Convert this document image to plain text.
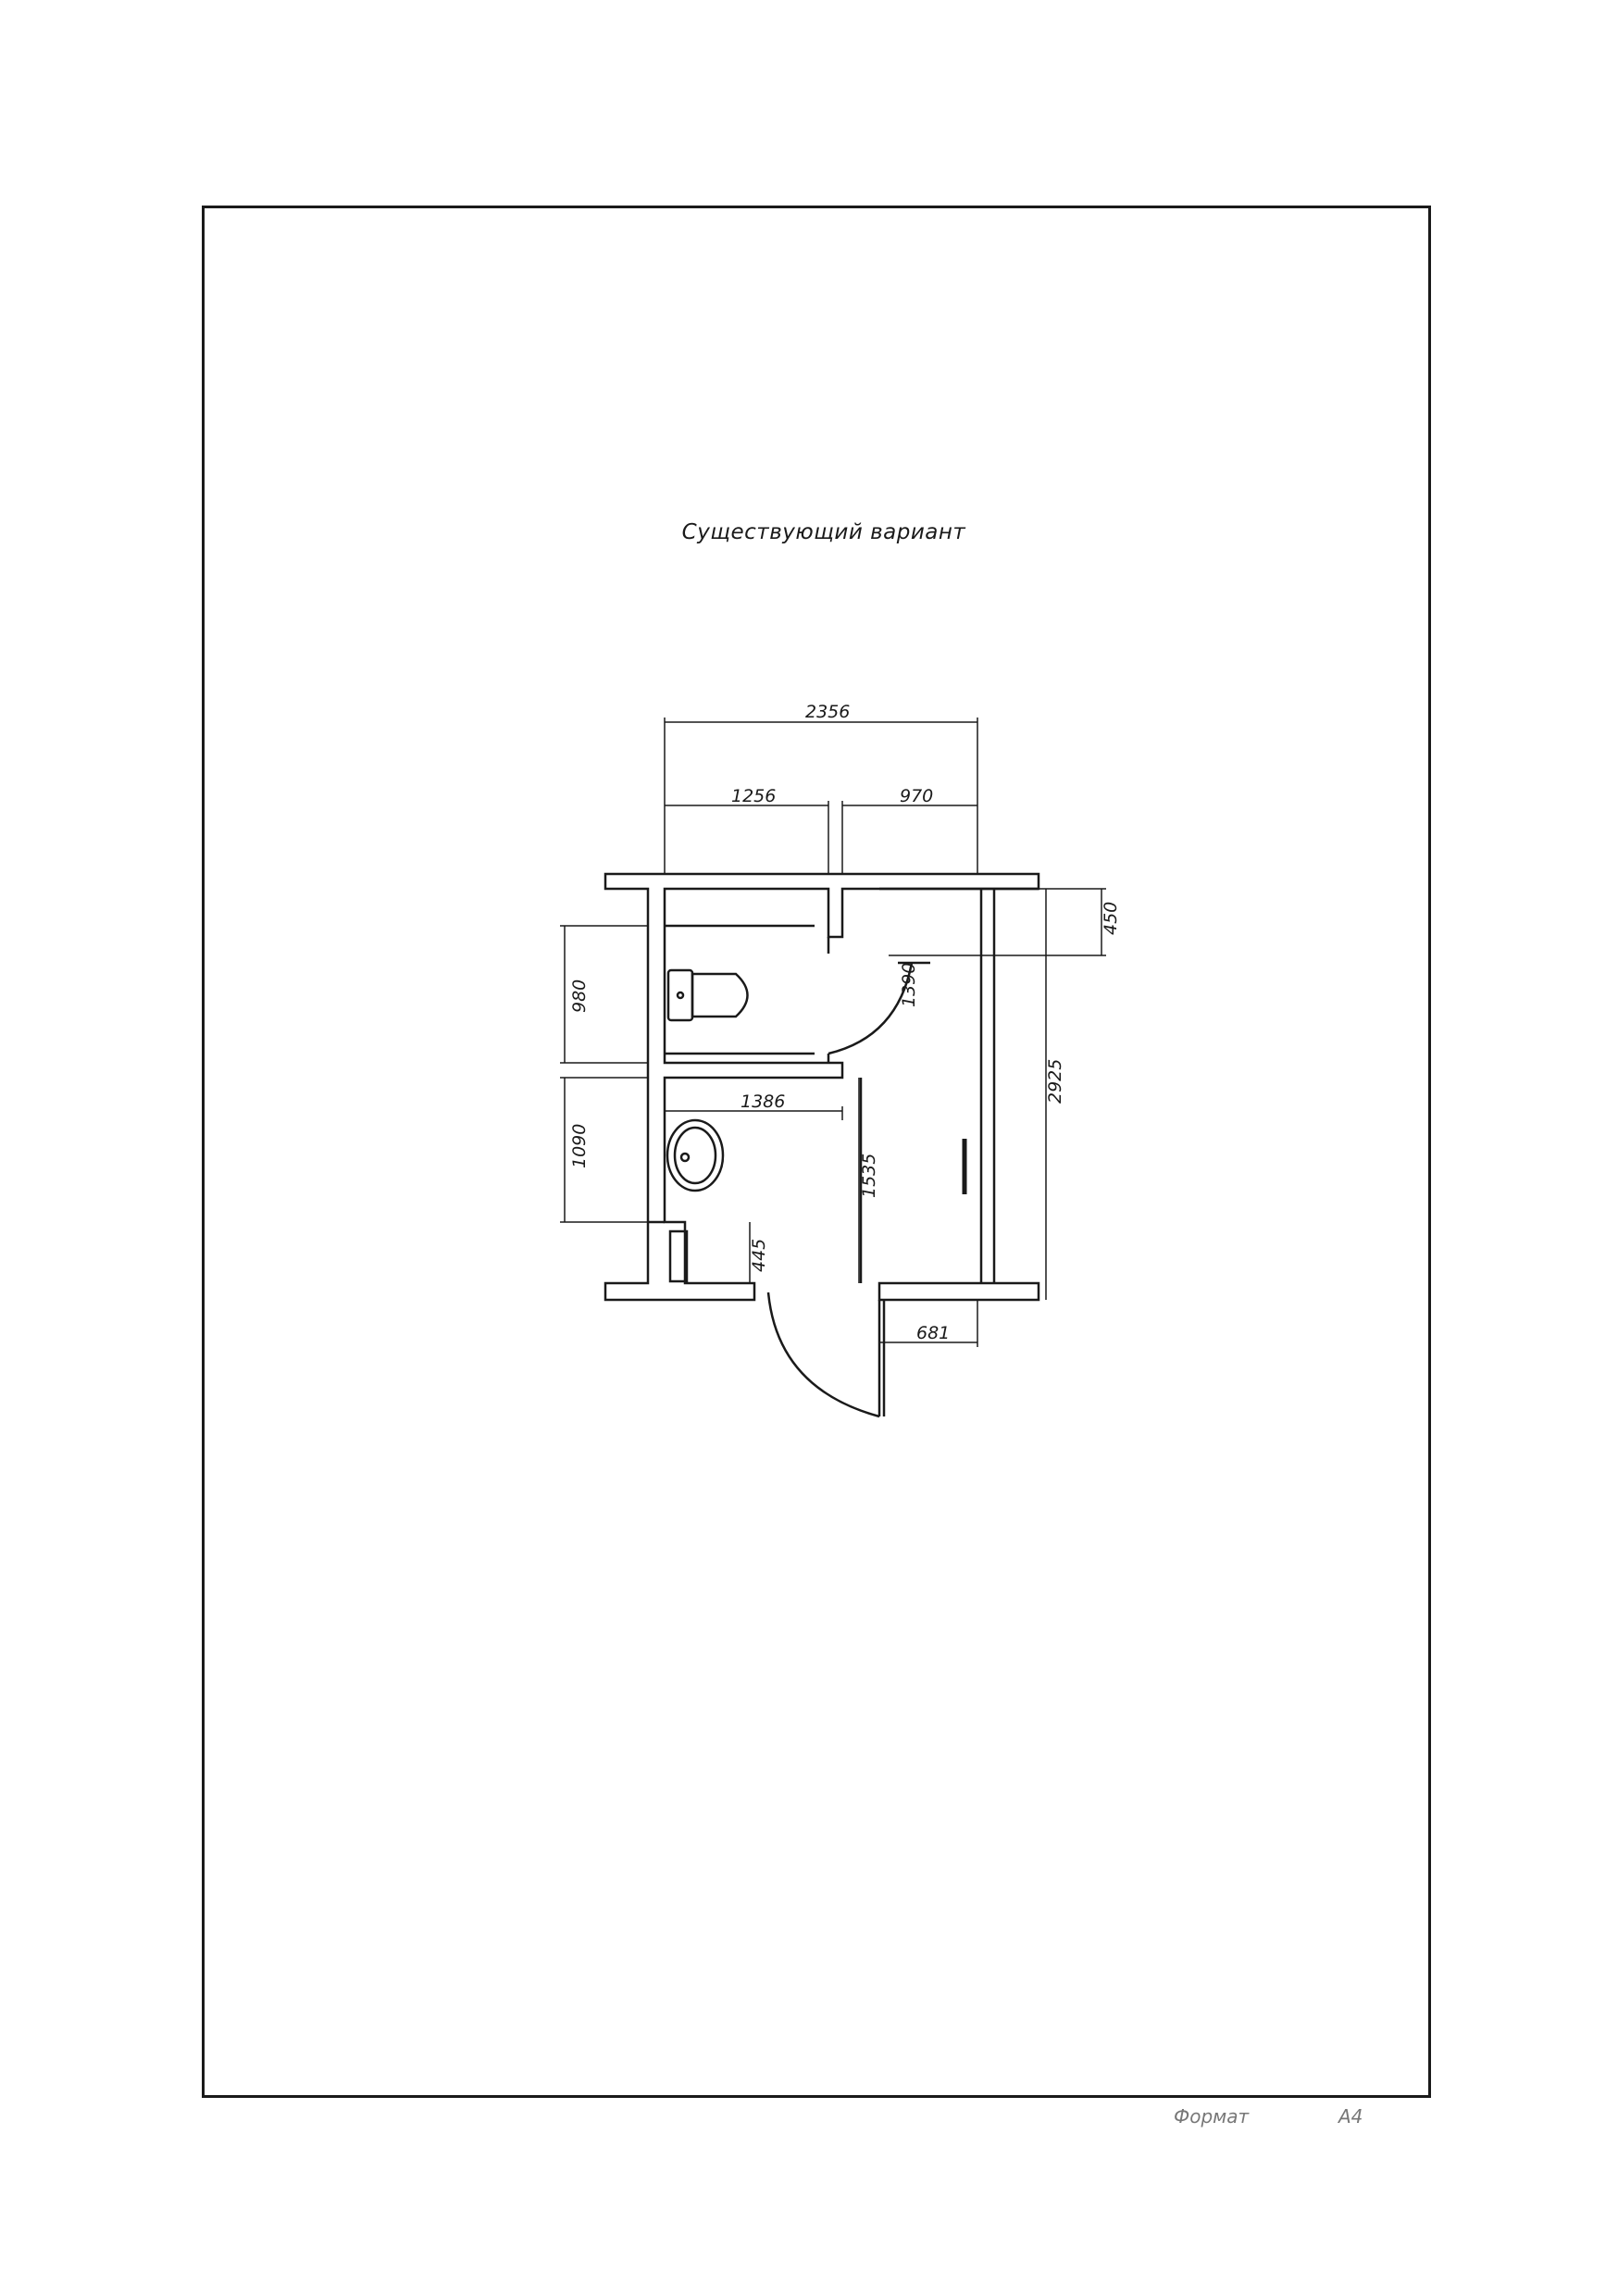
Существующий вариант
2356
1256	970
450
980	1390
1386
1090
2925
1535
445
681
Формат	А4
